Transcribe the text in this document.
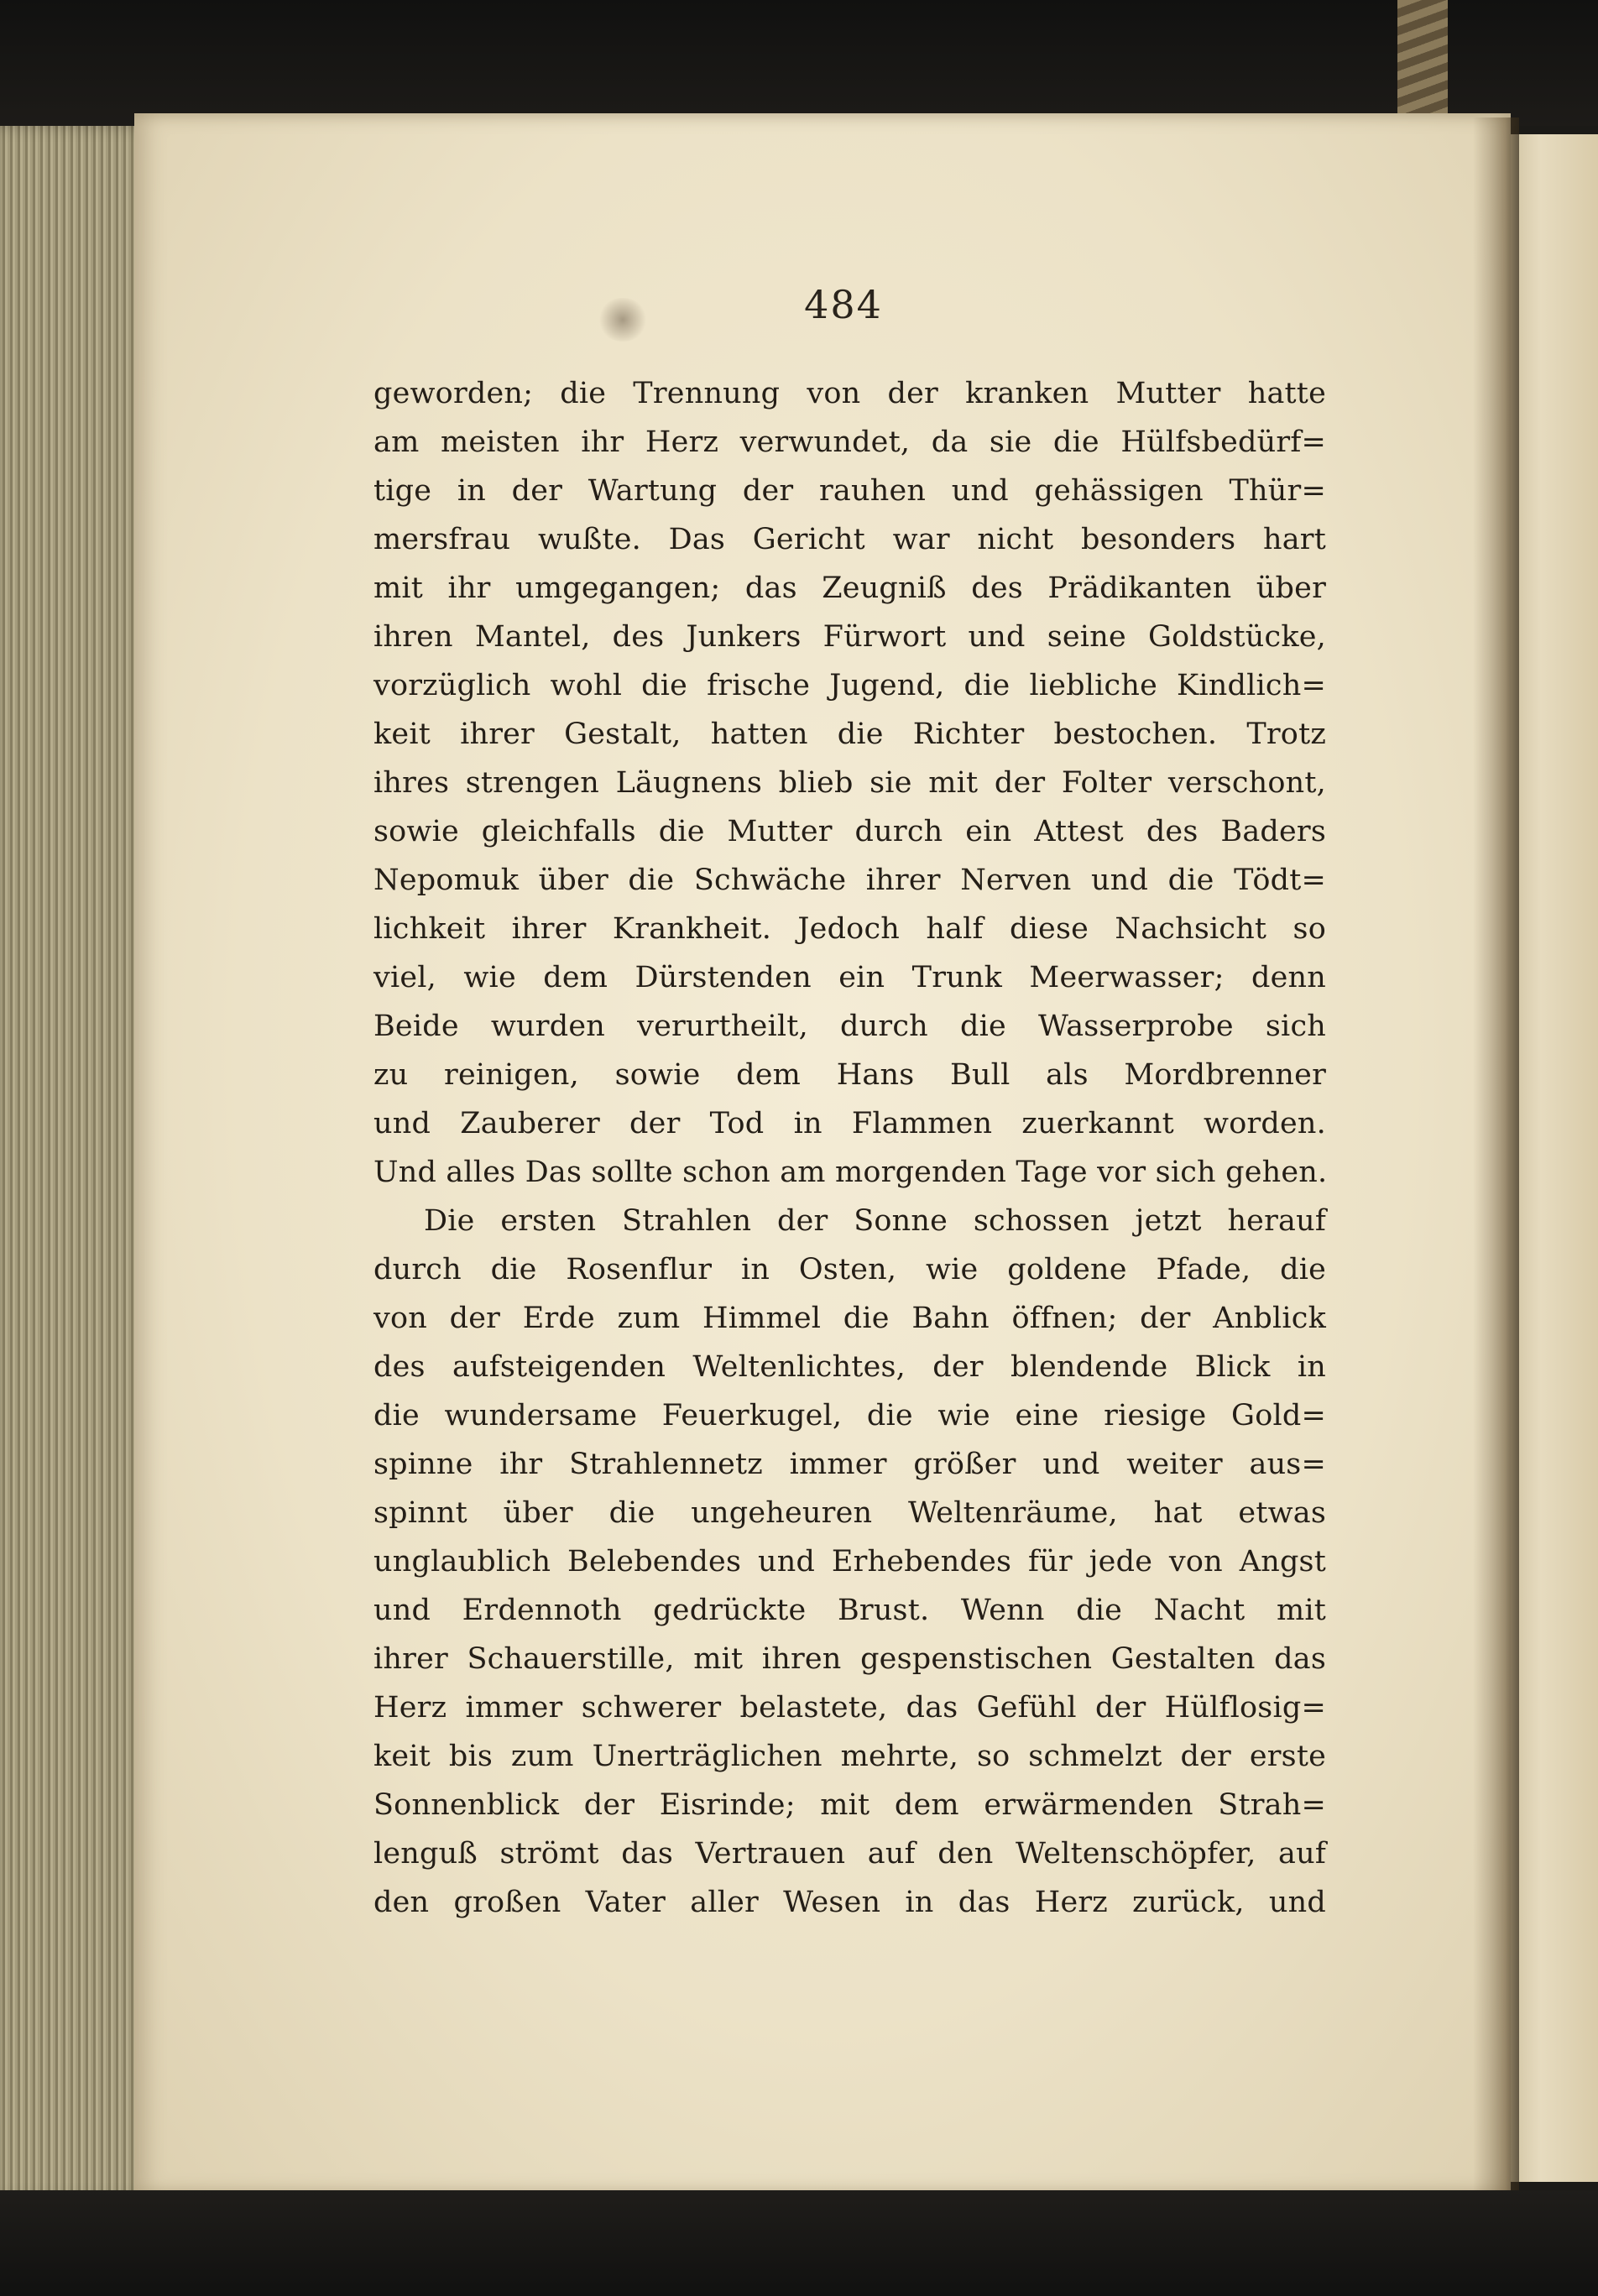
484
geworden; die Trennung von der kranken Mutter hatte
am meisten ihr Herz verwundet, da sie die Hülfsbedürf=
tige in der Wartung der rauhen und gehässigen Thür=
mersfrau wußte. Das Gericht war nicht besonders hart
mit ihr umgegangen; das Zeugniß des Prädikanten über
ihren Mantel, des Junkers Fürwort und seine Goldstücke,
vorzüglich wohl die frische Jugend, die liebliche Kindlich=
keit ihrer Gestalt, hatten die Richter bestochen. Trotz
ihres strengen Läugnens blieb sie mit der Folter verschont,
sowie gleichfalls die Mutter durch ein Attest des Baders
Nepomuk über die Schwäche ihrer Nerven und die Tödt=
lichkeit ihrer Krankheit. Jedoch half diese Nachsicht so
viel, wie dem Dürstenden ein Trunk Meerwasser; denn
Beide wurden verurtheilt, durch die Wasserprobe sich
zu reinigen, sowie dem Hans Bull als Mordbrenner
und Zauberer der Tod in Flammen zuerkannt worden.
Und alles Das sollte schon am morgenden Tage vor sich gehen.
Die ersten Strahlen der Sonne schossen jetzt herauf
durch die Rosenflur in Osten, wie goldene Pfade, die
von der Erde zum Himmel die Bahn öffnen; der Anblick
des aufsteigenden Weltenlichtes, der blendende Blick in
die wundersame Feuerkugel, die wie eine riesige Gold=
spinne ihr Strahlennetz immer größer und weiter aus=
spinnt über die ungeheuren Weltenräume, hat etwas
unglaublich Belebendes und Erhebendes für jede von Angst
und Erdennoth gedrückte Brust. Wenn die Nacht mit
ihrer Schauerstille, mit ihren gespenstischen Gestalten das
Herz immer schwerer belastete, das Gefühl der Hülflosig=
keit bis zum Unerträglichen mehrte, so schmelzt der erste
Sonnenblick der Eisrinde; mit dem erwärmenden Strah=
lenguß strömt das Vertrauen auf den Weltenschöpfer, auf
den großen Vater aller Wesen in das Herz zurück, und
